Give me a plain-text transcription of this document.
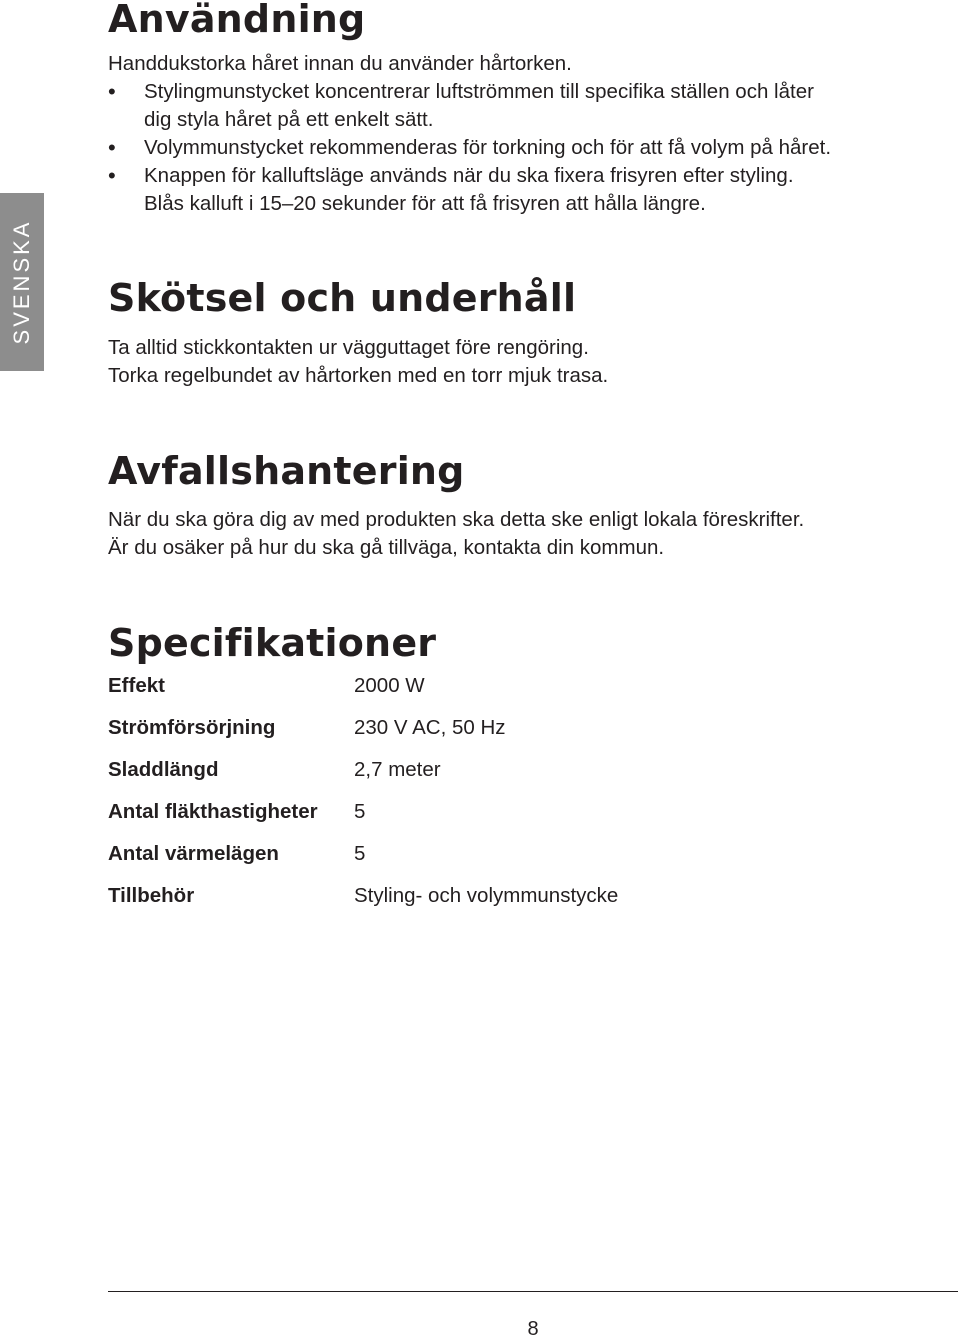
SVENSKA
Användning

Handdukstorka håret innan du använder hårtorken.

• Stylingmunstycket koncentrerar luftströmmen till specifika ställen och låter
dig styla håret på ett enkelt sätt.
• Volymmunstycket rekommenderas för torkning och för att få volym på håret.
• Knappen för kalluftsläge används när du ska fixera frisyren efter styling.
Blås kalluft i 15–20 sekunder för att få frisyren att hålla längre.
Skötsel och underhåll

Ta alltid stickkontakten ur vägguttaget före rengöring.

Torka regelbundet av hårtorken med en torr mjuk trasa.

Avfallshantering

När du ska göra dig av med produkten ska detta ske enligt lokala föreskrifter.

Är du osäker på hur du ska gå tillväga, kontakta din kommun.

Specifikationer
Effekt	2000 W
Strömförsörjning	230 V AC, 50 Hz
Sladdlängd	2,7 meter
Antal fläkthastigheter	5
Antal värmelägen	5
Tillbehör	Styling- och volymmunstycke
8
